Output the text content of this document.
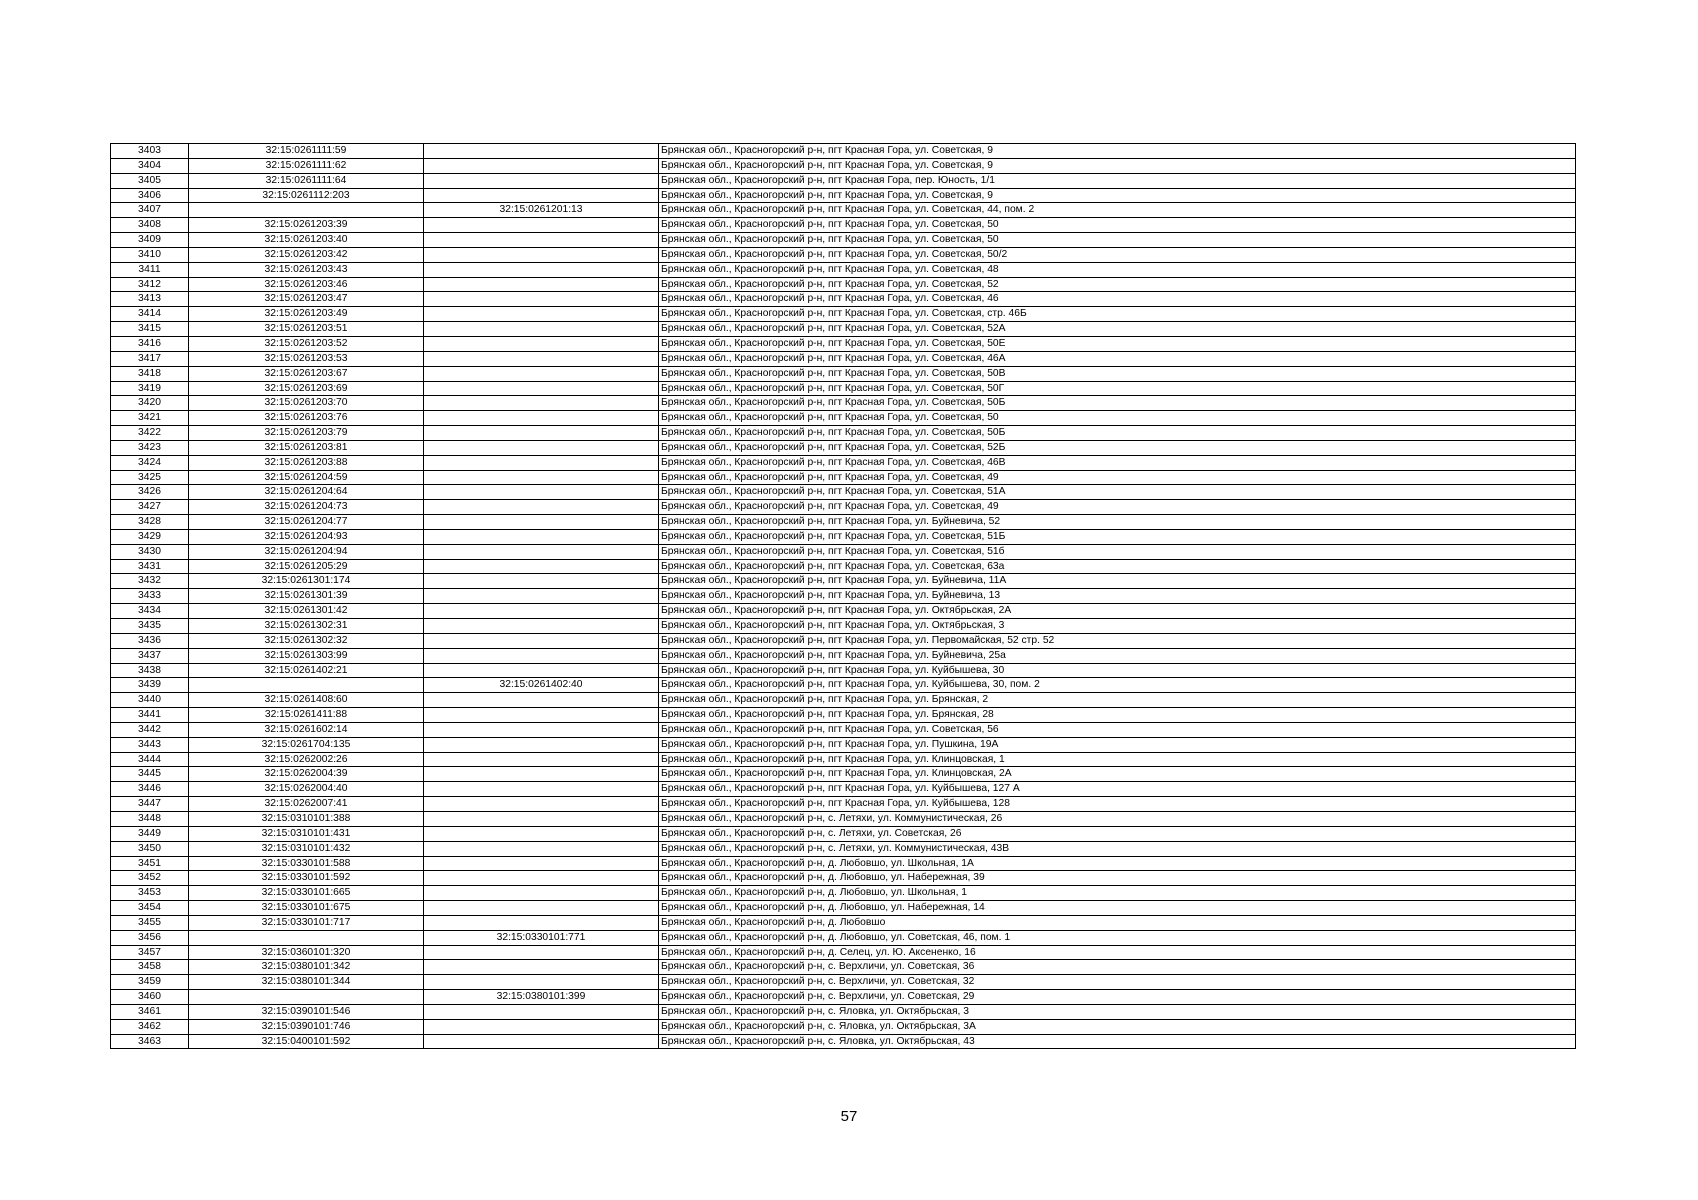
3403	32:15:0261111:59		Брянская обл., Красногорский р-н, пгт Красная Гора, ул. Советская, 9
3404	32:15:0261111:62		Брянская обл., Красногорский р-н, пгт Красная Гора, ул. Советская, 9
3405	32:15:0261111:64		Брянская обл., Красногорский р-н, пгт Красная Гора, пер. Юность, 1/1
3406	32:15:0261112:203		Брянская обл., Красногорский р-н, пгт Красная Гора, ул. Советская, 9
3407		32:15:0261201:13	Брянская обл., Красногорский р-н, пгт Красная Гора, ул. Советская, 44, пом. 2
3408	32:15:0261203:39		Брянская обл., Красногорский р-н, пгт Красная Гора, ул. Советская, 50
3409	32:15:0261203:40		Брянская обл., Красногорский р-н, пгт Красная Гора, ул. Советская, 50
3410	32:15:0261203:42		Брянская обл., Красногорский р-н, пгт Красная Гора, ул. Советская, 50/2
3411	32:15:0261203:43		Брянская обл., Красногорский р-н, пгт Красная Гора, ул. Советская, 48
3412	32:15:0261203:46		Брянская обл., Красногорский р-н, пгт Красная Гора, ул. Советская, 52
3413	32:15:0261203:47		Брянская обл., Красногорский р-н, пгт Красная Гора, ул. Советская, 46
3414	32:15:0261203:49		Брянская обл., Красногорский р-н, пгт Красная Гора, ул. Советская, стр. 46Б
3415	32:15:0261203:51		Брянская обл., Красногорский р-н, пгт Красная Гора, ул. Советская, 52А
3416	32:15:0261203:52		Брянская обл., Красногорский р-н, пгт Красная Гора, ул. Советская, 50Е
3417	32:15:0261203:53		Брянская обл., Красногорский р-н, пгт Красная Гора, ул. Советская, 46А
3418	32:15:0261203:67		Брянская обл., Красногорский р-н, пгт Красная Гора, ул. Советская, 50В
3419	32:15:0261203:69		Брянская обл., Красногорский р-н, пгт Красная Гора, ул. Советская, 50Г
3420	32:15:0261203:70		Брянская обл., Красногорский р-н, пгт Красная Гора, ул. Советская, 50Б
3421	32:15:0261203:76		Брянская обл., Красногорский р-н, пгт Красная Гора, ул. Советская, 50
3422	32:15:0261203:79		Брянская обл., Красногорский р-н, пгт Красная Гора, ул. Советская, 50Б
3423	32:15:0261203:81		Брянская обл., Красногорский р-н, пгт Красная Гора, ул. Советская, 52Б
3424	32:15:0261203:88		Брянская обл., Красногорский р-н, пгт Красная Гора, ул. Советская, 46В
3425	32:15:0261204:59		Брянская обл., Красногорский р-н, пгт Красная Гора, ул. Советская, 49
3426	32:15:0261204:64		Брянская обл., Красногорский р-н, пгт Красная Гора, ул. Советская, 51А
3427	32:15:0261204:73		Брянская обл., Красногорский р-н, пгт Красная Гора, ул. Советская, 49
3428	32:15:0261204:77		Брянская обл., Красногорский р-н, пгт Красная Гора, ул. Буйневича, 52
3429	32:15:0261204:93		Брянская обл., Красногорский р-н, пгт Красная Гора, ул. Советская, 51Б
3430	32:15:0261204:94		Брянская обл., Красногорский р-н, пгт Красная Гора, ул. Советская, 51б
3431	32:15:0261205:29		Брянская обл., Красногорский р-н, пгт Красная Гора, ул. Советская, 63а
3432	32:15:0261301:174		Брянская обл., Красногорский р-н, пгт Красная Гора, ул. Буйневича, 11А
3433	32:15:0261301:39		Брянская обл., Красногорский р-н, пгт Красная Гора, ул. Буйневича, 13
3434	32:15:0261301:42		Брянская обл., Красногорский р-н, пгт Красная Гора, ул. Октябрьская, 2А
3435	32:15:0261302:31		Брянская обл., Красногорский р-н, пгт Красная Гора, ул. Октябрьская, 3
3436	32:15:0261302:32		Брянская обл., Красногорский р-н, пгт Красная Гора, ул. Первомайская, 52 стр. 52
3437	32:15:0261303:99		Брянская обл., Красногорский р-н, пгт Красная Гора, ул. Буйневича, 25а
3438	32:15:0261402:21		Брянская обл., Красногорский р-н, пгт Красная Гора, ул. Куйбышева, 30
3439		32:15:0261402:40	Брянская обл., Красногорский р-н, пгт Красная Гора, ул. Куйбышева, 30, пом. 2
3440	32:15:0261408:60		Брянская обл., Красногорский р-н, пгт Красная Гора, ул. Брянская, 2
3441	32:15:0261411:88		Брянская обл., Красногорский р-н, пгт Красная Гора, ул. Брянская, 28
3442	32:15:0261602:14		Брянская обл., Красногорский р-н, пгт Красная Гора, ул. Советская, 56
3443	32:15:0261704:135		Брянская обл., Красногорский р-н, пгт Красная Гора, ул. Пушкина, 19А
3444	32:15:0262002:26		Брянская обл., Красногорский р-н, пгт Красная Гора, ул. Клинцовская, 1
3445	32:15:0262004:39		Брянская обл., Красногорский р-н, пгт Красная Гора, ул. Клинцовская, 2А
3446	32:15:0262004:40		Брянская обл., Красногорский р-н, пгт Красная Гора, ул. Куйбышева, 127 А
3447	32:15:0262007:41		Брянская обл., Красногорский р-н, пгт Красная Гора, ул. Куйбышева, 128
3448	32:15:0310101:388		Брянская обл., Красногорский р-н, с. Летяхи, ул. Коммунистическая, 26
3449	32:15:0310101:431		Брянская обл., Красногорский р-н, с. Летяхи, ул. Советская, 26
3450	32:15:0310101:432		Брянская обл., Красногорский р-н, с. Летяхи, ул. Коммунистическая, 43В
3451	32:15:0330101:588		Брянская обл., Красногорский р-н, д. Любовшо, ул. Школьная, 1А
3452	32:15:0330101:592		Брянская обл., Красногорский р-н, д. Любовшо, ул. Набережная, 39
3453	32:15:0330101:665		Брянская обл., Красногорский р-н, д. Любовшо, ул. Школьная, 1
3454	32:15:0330101:675		Брянская обл., Красногорский р-н, д. Любовшо, ул. Набережная, 14
3455	32:15:0330101:717		Брянская обл., Красногорский р-н, д. Любовшо
3456		32:15:0330101:771	Брянская обл., Красногорский р-н, д. Любовшо, ул. Советская, 46, пом. 1
3457	32:15:0360101:320		Брянская обл., Красногорский р-н, д. Селец, ул. Ю. Аксененко, 16
3458	32:15:0380101:342		Брянская обл., Красногорский р-н, с. Верхличи, ул. Советская, 36
3459	32:15:0380101:344		Брянская обл., Красногорский р-н, с. Верхличи, ул. Советская, 32
3460		32:15:0380101:399	Брянская обл., Красногорский р-н, с. Верхличи, ул. Советская, 29
3461	32:15:0390101:546		Брянская обл., Красногорский р-н, с. Яловка, ул. Октябрьская, 3
3462	32:15:0390101:746		Брянская обл., Красногорский р-н, с. Яловка, ул. Октябрьская, 3А
3463	32:15:0400101:592		Брянская обл., Красногорский р-н, с. Яловка, ул. Октябрьская, 43
57
